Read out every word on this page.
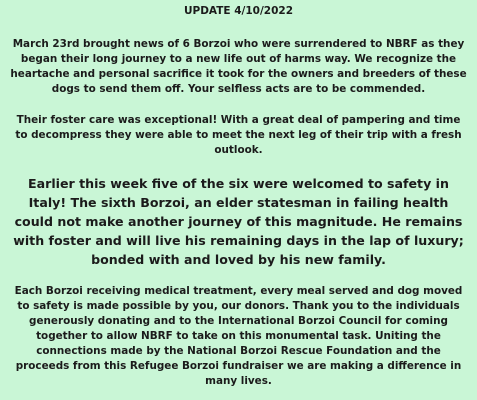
UPDATE 4/10/2022

March 23rd brought news of 6 Borzoi who were surrendered to NBRF as they began their long journey to a new life out of harms way. We recognize the heartache and personal sacrifice it took for the owners and breeders of these dogs to send them off. Your selfless acts are to be commended.

Their foster care was exceptional! With a great deal of pampering and time to decompress they were able to meet the next leg of their trip with a fresh outlook.

Earlier this week five of the six were welcomed to safety in Italy! The sixth Borzoi, an elder statesman in failing health could not make another journey of this magnitude. He remains with foster and will live his remaining days in the lap of luxury; bonded with and loved by his new family.

Each Borzoi receiving medical treatment, every meal served and dog moved to safety is made possible by you, our donors. Thank you to the individuals generously donating and to the International Borzoi Council for coming together to allow NBRF to take on this monumental task. Uniting the connections made by the National Borzoi Rescue Foundation and the proceeds from this Refugee Borzoi fundraiser we are making a difference in many lives.
